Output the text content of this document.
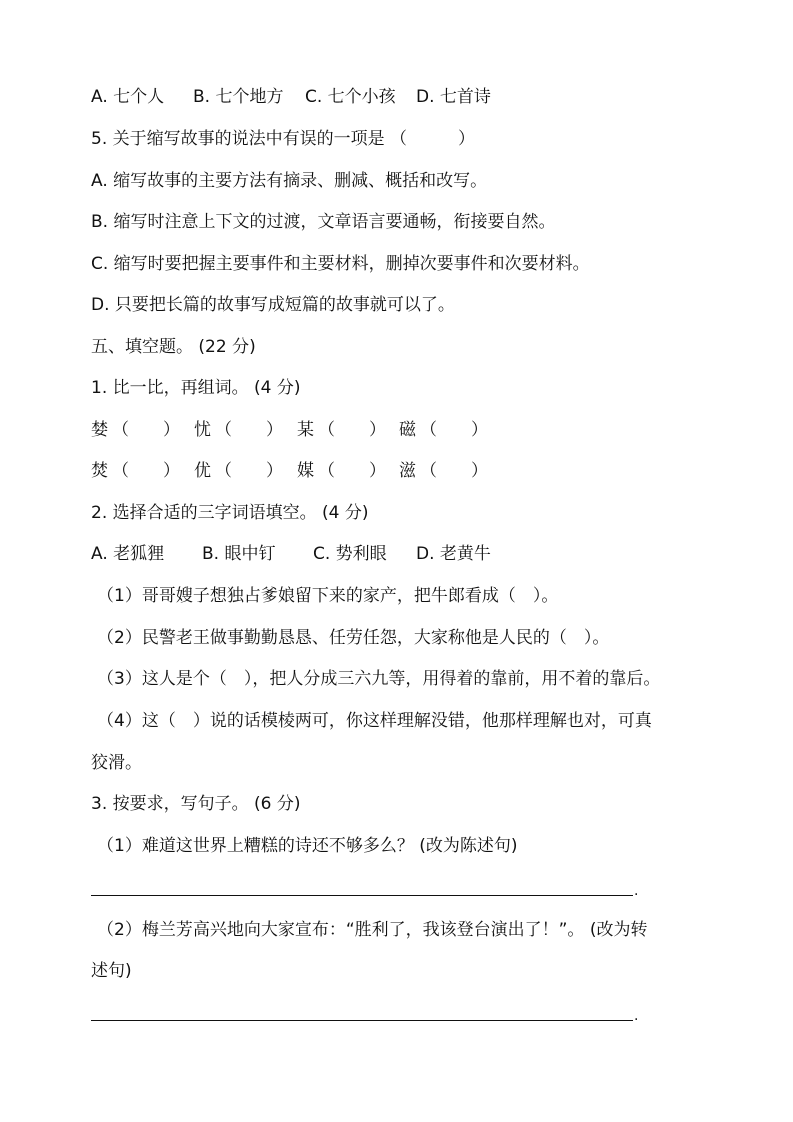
A. 七个人 B. 七个地方 C. 七个小孩 D. 七首诗
5. 关于缩写故事的说法中有误的一项是 （　　　）
A. 缩写故事的主要方法有摘录、删减、概括和改写。
B. 缩写时注意上下文的过渡，文章语言要通畅，衔接要自然。
C. 缩写时要把握主要事件和主要材料，删掉次要事件和次要材料。
D. 只要把长篇的故事写成短篇的故事就可以了。
五、填空题。 (22 分)
1. 比一比，再组词。 (4 分)
婪 （　　） 忧 （　　） 某 （　　） 磁 （　　）
焚 （　　） 优 （　　） 媒 （　　） 滋 （　　）
2. 选择合适的三字词语填空。 (4 分)
A. 老狐狸 B. 眼中钉 C. 势利眼 D. 老黄牛
（1）哥哥嫂子想独占爹娘留下来的家产，把牛郎看成（　）。
（2）民警老王做事勤勤恳恳、任劳任怨，大家称他是人民的（　）。
（3）这人是个（　），把人分成三六九等，用得着的靠前，用不着的靠后。
（4）这（　）说的话模棱两可，你这样理解没错，他那样理解也对，可真
狡滑。
3. 按要求，写句子。 (6 分)
（1）难道这世界上糟糕的诗还不够多么？ (改为陈述句)
.
（2）梅兰芳高兴地向大家宣布：“胜利了，我该登台演出了！”。 (改为转
述句)
.
